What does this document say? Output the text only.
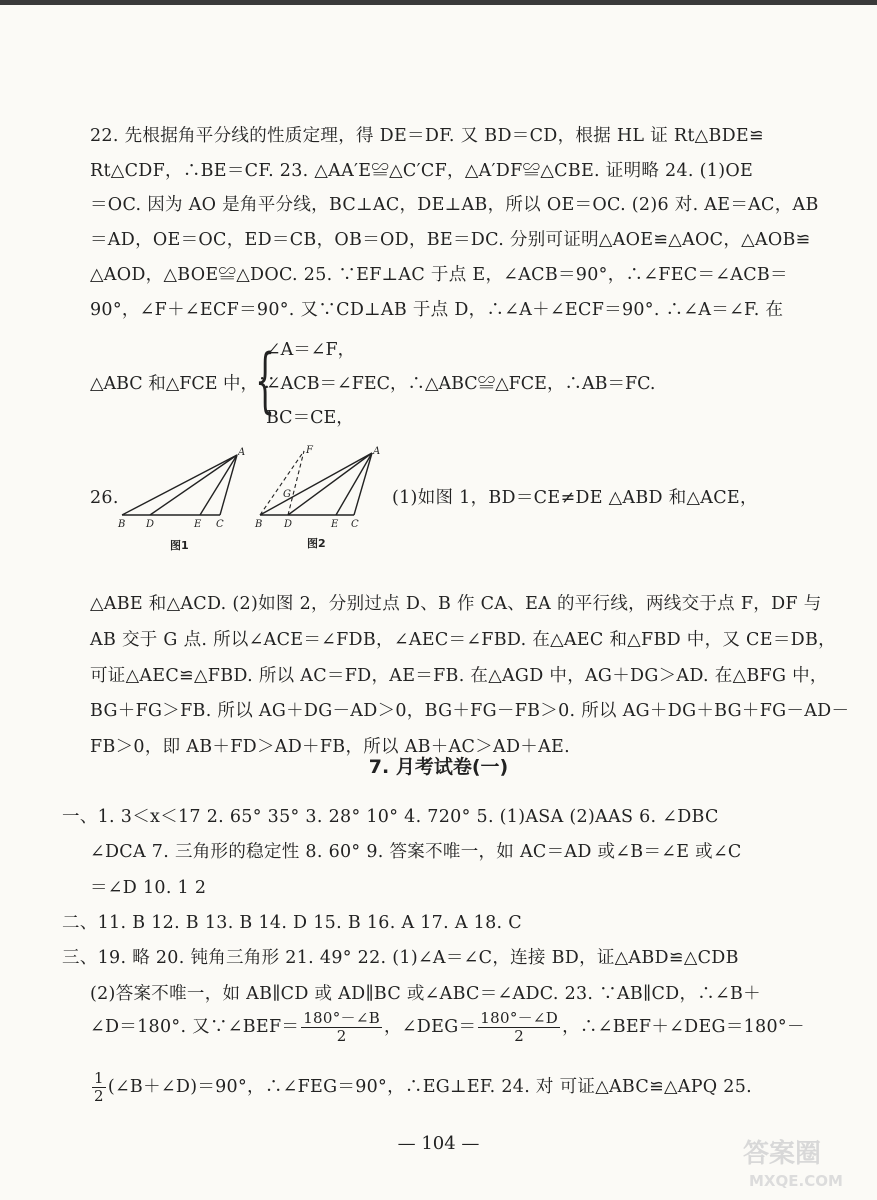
22. 先根据角平分线的性质定理，得 DE＝DF. 又 BD＝CD，根据 HL 证 Rt△BDE≌
Rt△CDF，∴BE＝CF. 23. △AA′E≌△C′CF，△A′DF≌△CBE. 证明略 24. (1)OE
＝OC. 因为 AO 是角平分线，BC⊥AC，DE⊥AB，所以 OE＝OC. (2)6 对. AE＝AC，AB
＝AD，OE＝OC，ED＝CB，OB＝OD，BE＝DC. 分别可证明△AOE≌△AOC，△AOB≌
△AOD，△BOE≌△DOC. 25. ∵EF⊥AC 于点 E，∠ACB＝90°，∴∠FEC＝∠ACB＝
90°，∠F＋∠ECF＝90°. 又∵CD⊥AB 于点 D，∴∠A＋∠ECF＝90°. ∴∠A＝∠F. 在
△ABC 和△FCE 中，∵
{
∠A＝∠F，
∠ACB＝∠FEC，∴△ABC≌△FCE，∴AB＝FC.
BC＝CE，
26.
A
B D	E C
图1
F	A
G
B D	E C
图2
(1)如图 1，BD＝CE≠DE △ABD 和△ACE，
△ABE 和△ACD. (2)如图 2，分别过点 D、B 作 CA、EA 的平行线，两线交于点 F，DF 与
AB 交于 G 点. 所以∠ACE＝∠FDB，∠AEC＝∠FBD. 在△AEC 和△FBD 中，又 CE＝DB，
可证△AEC≌△FBD. 所以 AC＝FD，AE＝FB. 在△AGD 中，AG＋DG＞AD. 在△BFG 中，
BG＋FG＞FB. 所以 AG＋DG－AD＞0，BG＋FG－FB＞0. 所以 AG＋DG＋BG＋FG－AD－
FB＞0，即 AB＋FD＞AD＋FB，所以 AB＋AC＞AD＋AE.
7. 月考试卷(一)
一、1. 3＜x＜17 2. 65° 35° 3. 28° 10° 4. 720° 5. (1)ASA (2)AAS 6. ∠DBC
∠DCA 7. 三角形的稳定性 8. 60° 9. 答案不唯一，如 AC＝AD 或∠B＝∠E 或∠C
＝∠D 10. 1 2
二、11. B 12. B 13. B 14. D 15. B 16. A 17. A 18. C
三、19. 略 20. 钝角三角形 21. 49° 22. (1)∠A＝∠C，连接 BD，证△ABD≌△CDB
(2)答案不唯一，如 AB∥CD 或 AD∥BC 或∠ABC＝∠ADC. 23. ∵AB∥CD，∴∠B＋
∠D＝180°. 又∵∠BEF＝ $\frac{180^\circ-\angle B}{2}$ ，∠DEG＝ $\frac{180^\circ-\angle D}{2}$ ，∴∠BEF＋∠DEG＝180°－
$\frac{1}{2}$ (∠B＋∠D)＝90°，∴∠FEG＝90°，∴EG⊥EF. 24. 对 可证△ABC≌△APQ 25.
— 104 —	答案圈
MXQE.COM
